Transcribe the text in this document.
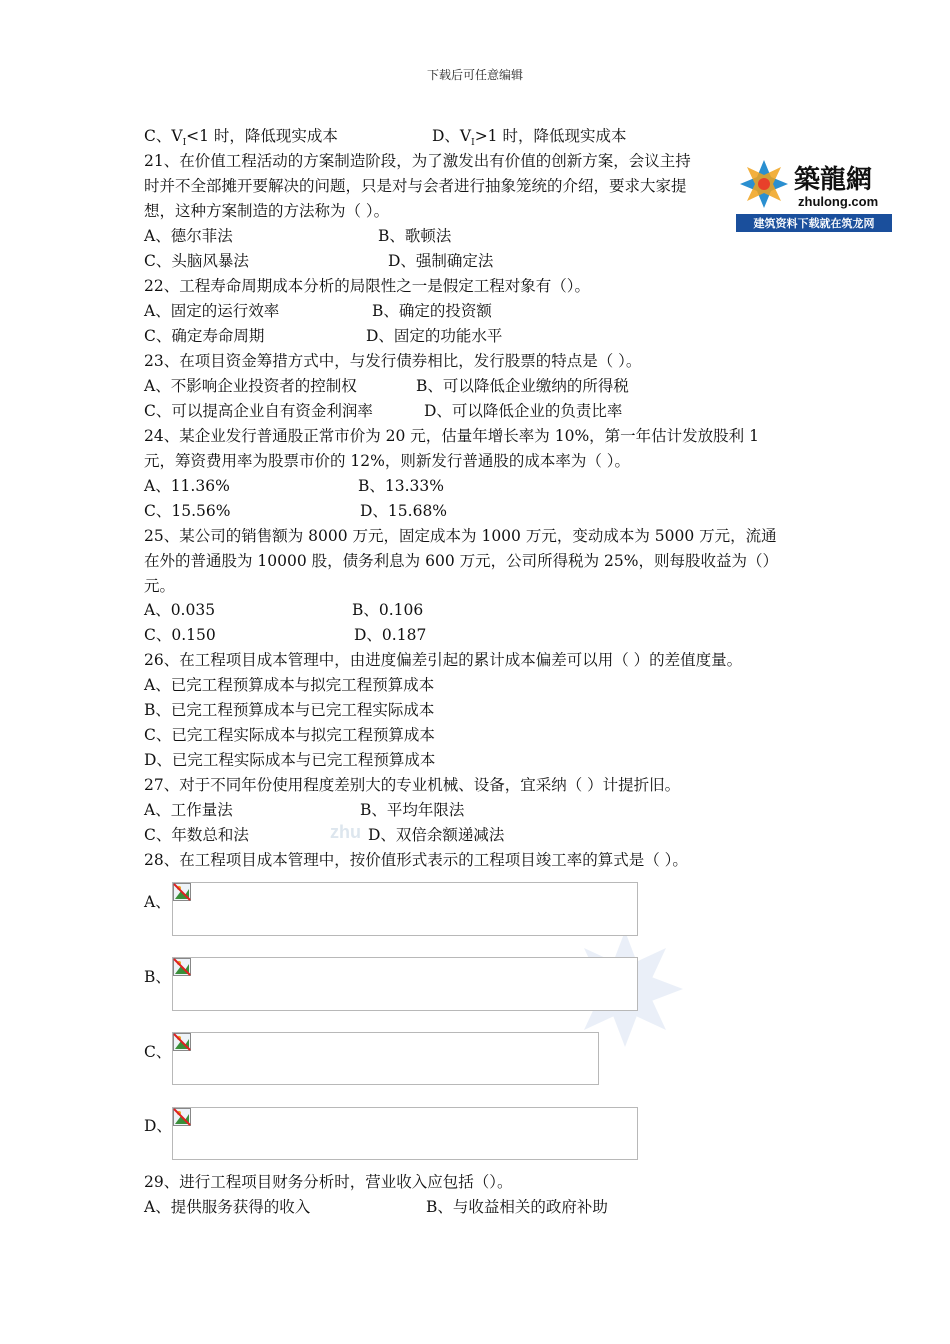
下载后可任意编辑
築龍網
zhulong.com
建筑资料下载就在筑龙网
zhu
C、$V_I<1$ 时，降低现实成本	D、$V_I>1$ 时，降低现实成本
21、在价值工程活动的方案制造阶段，为了激发出有价值的创新方案，会议主持
时并不全部摊开要解决的问题，只是对与会者进行抽象笼统的介绍，要求大家提
想，这种方案制造的方法称为（ ）。
A、德尔菲法	B、歌顿法
C、头脑风暴法	D、强制确定法
22、工程寿命周期成本分析的局限性之一是假定工程对象有（）。
A、固定的运行效率	B、确定的投资额
C、确定寿命周期	D、固定的功能水平
23、在项目资金筹措方式中，与发行债券相比，发行股票的特点是（ ）。
A、不影响企业投资者的控制权	B、可以降低企业缴纳的所得税
C、可以提高企业自有资金利润率	D、可以降低企业的负责比率
24、某企业发行普通股正常市价为 20 元，估量年增长率为 10%，第一年估计发放股利 1
元，筹资费用率为股票市价的 12%，则新发行普通股的成本率为（ ）。
A、11.36%	B、13.33%
C、15.56%	D、15.68%
25、某公司的销售额为 8000 万元，固定成本为 1000 万元，变动成本为 5000 万元，流通
在外的普通股为 10000 股，债务利息为 600 万元，公司所得税为 25%，则每股收益为（）
元。
A、0.035	B、0.106
C、0.150	D、0.187
26、在工程项目成本管理中，由进度偏差引起的累计成本偏差可以用（ ）的差值度量。
A、已完工程预算成本与拟完工程预算成本
B、已完工程预算成本与已完工程实际成本
C、已完工程实际成本与拟完工程预算成本
D、已完工程实际成本与已完工程预算成本
27、对于不同年份使用程度差别大的专业机械、设备，宜采纳（ ）计提折旧。
A、工作量法	B、平均年限法
C、年数总和法	D、双倍余额递减法
28、在工程项目成本管理中，按价值形式表示的工程项目竣工率的算式是（ ）。
A、
B、
C、
D、
29、进行工程项目财务分析时，营业收入应包括（）。
A、提供服务获得的收入	B、与收益相关的政府补助
